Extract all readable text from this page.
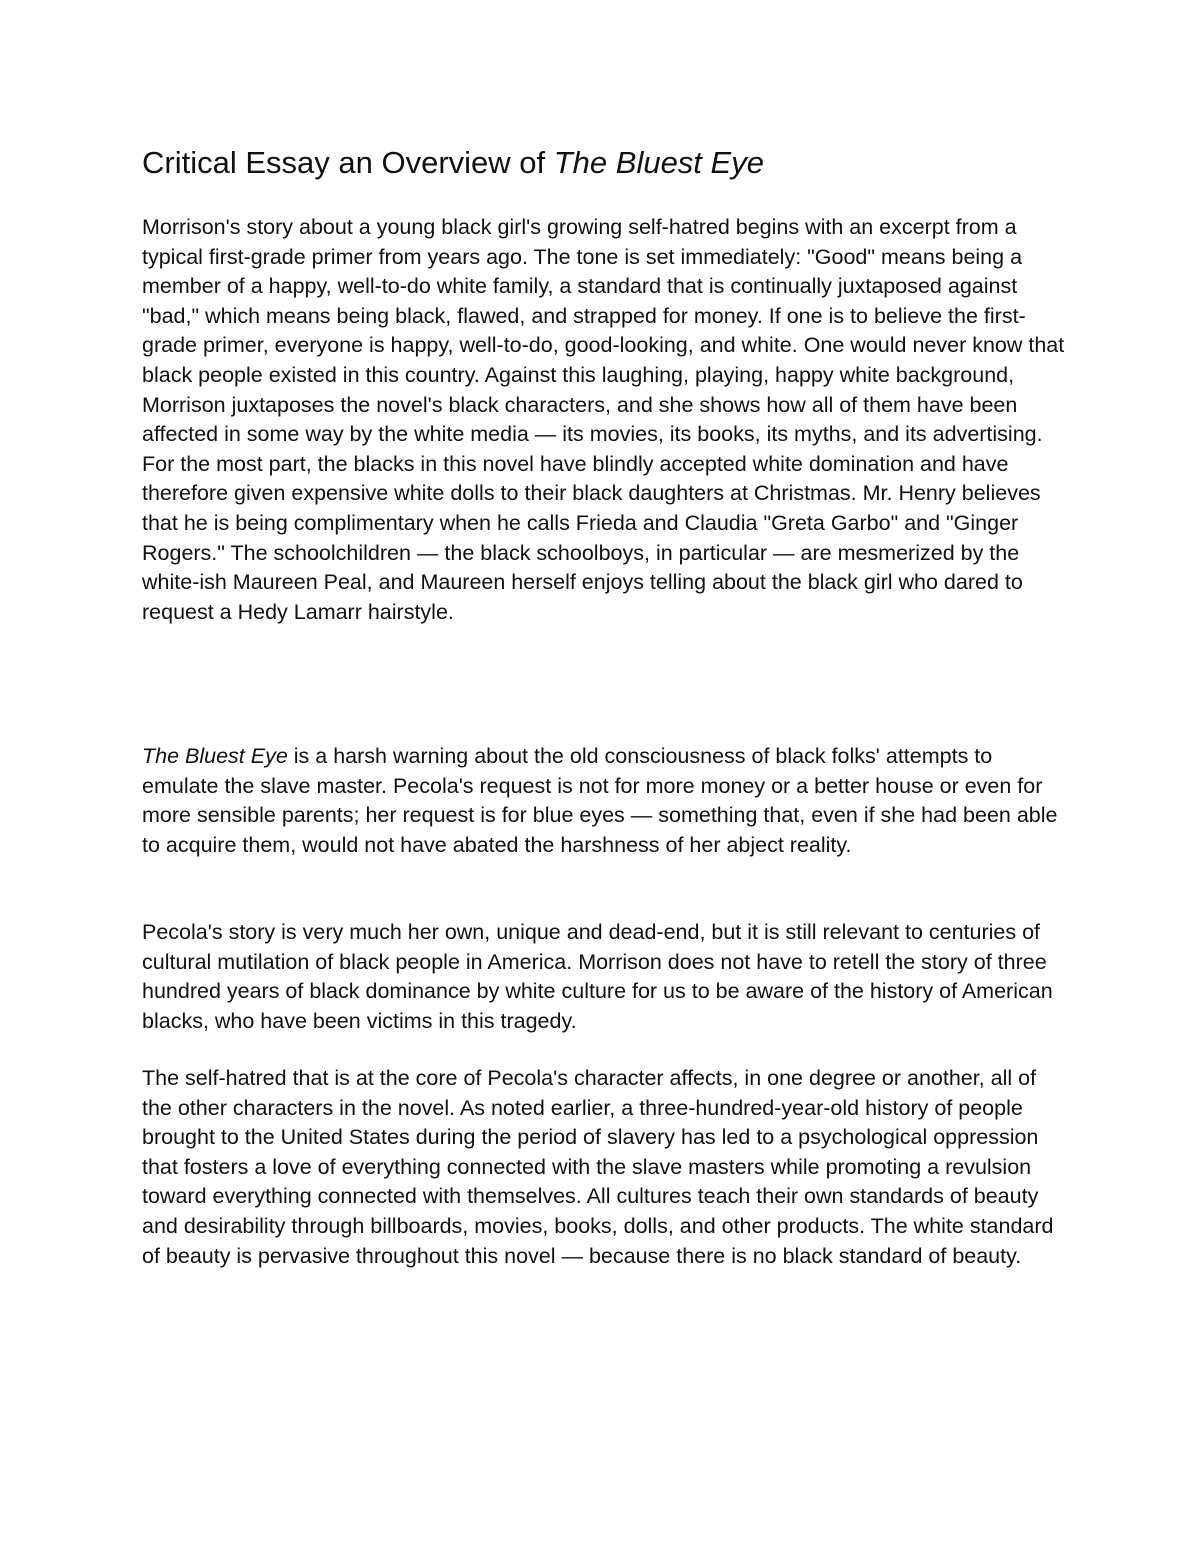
Critical Essay an Overview of The Bluest Eye

Morrison's story about a young black girl's growing self-hatred begins with an excerpt from a typical first-grade primer from years ago. The tone is set immediately: "Good" means being a member of a happy, well-to-do white family, a standard that is continually juxtaposed against "bad," which means being black, flawed, and strapped for money. If one is to believe the first-grade primer, everyone is happy, well-to-do, good-looking, and white. One would never know that black people existed in this country. Against this laughing, playing, happy white background, Morrison juxtaposes the novel's black characters, and she shows how all of them have been affected in some way by the white media — its movies, its books, its myths, and its advertising. For the most part, the blacks in this novel have blindly accepted white domination and have therefore given expensive white dolls to their black daughters at Christmas. Mr. Henry believes that he is being complimentary when he calls Frieda and Claudia "Greta Garbo" and "Ginger Rogers." The schoolchildren — the black schoolboys, in particular — are mesmerized by the white-ish Maureen Peal, and Maureen herself enjoys telling about the black girl who dared to request a Hedy Lamarr hairstyle.

The Bluest Eye is a harsh warning about the old consciousness of black folks' attempts to emulate the slave master. Pecola's request is not for more money or a better house or even for more sensible parents; her request is for blue eyes — something that, even if she had been able to acquire them, would not have abated the harshness of her abject reality.

Pecola's story is very much her own, unique and dead-end, but it is still relevant to centuries of cultural mutilation of black people in America. Morrison does not have to retell the story of three hundred years of black dominance by white culture for us to be aware of the history of American blacks, who have been victims in this tragedy.

The self-hatred that is at the core of Pecola's character affects, in one degree or another, all of the other characters in the novel. As noted earlier, a three-hundred-year-old history of people brought to the United States during the period of slavery has led to a psychological oppression that fosters a love of everything connected with the slave masters while promoting a revulsion toward everything connected with themselves. All cultures teach their own standards of beauty and desirability through billboards, movies, books, dolls, and other products. The white standard of beauty is pervasive throughout this novel — because there is no black standard of beauty.
